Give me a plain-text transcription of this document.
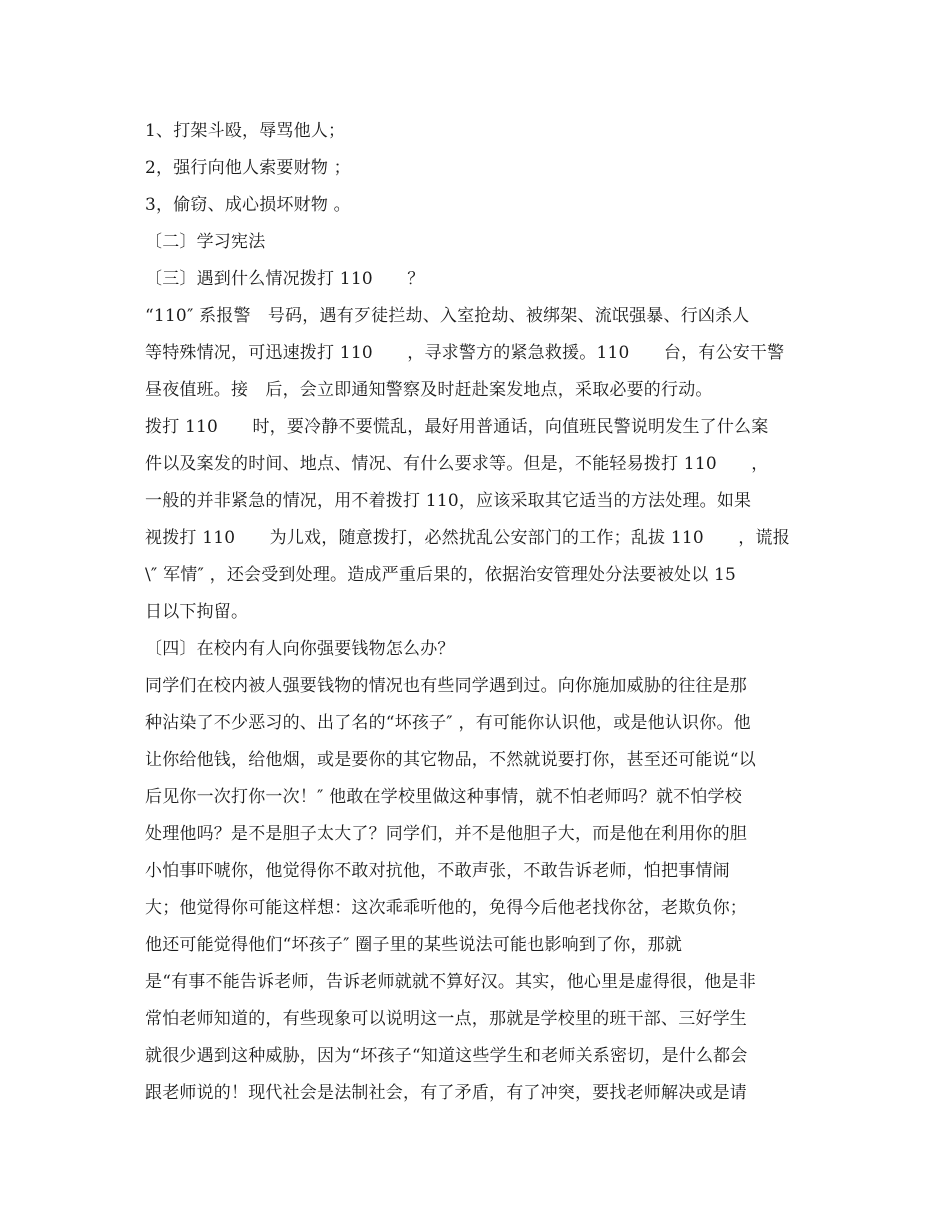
1、打架斗殴，辱骂他人；
2，强行向他人索要财物 ；
3，偷窃、成心损坏财物 。
〔二〕学习宪法
〔三〕遇到什么情况拨打 110　　？
“110″ 系报警　号码，遇有歹徒拦劫、入室抢劫、被绑架、流氓强暴、行凶杀人
等特殊情况，可迅速拨打 110　　，寻求警方的紧急救援。110　　台，有公安干警
昼夜值班。接　后，会立即通知警察及时赶赴案发地点，采取必要的行动。
拨打 110　　时，要冷静不要慌乱，最好用普通话，向值班民警说明发生了什么案
件以及案发的时间、地点、情况、有什么要求等。但是，不能轻易拨打 110　　，
一般的并非紧急的情况，用不着拨打 110，应该采取其它适当的方法处理。如果
视拨打 110　　为儿戏，随意拨打，必然扰乱公安部门的工作；乱拔 110　　，谎报
\″ 军情″ ，还会受到处理。造成严重后果的，依据治安管理处分法要被处以 15
日以下拘留。
〔四〕在校内有人向你强要钱物怎么办？
同学们在校内被人强要钱物的情况也有些同学遇到过。向你施加威胁的往往是那
种沾染了不少恶习的、出了名的“坏孩子″ ，有可能你认识他，或是他认识你。他
让你给他钱，给他烟，或是要你的其它物品，不然就说要打你，甚至还可能说“以
后见你一次打你一次！″ 他敢在学校里做这种事情，就不怕老师吗？就不怕学校
处理他吗？是不是胆子太大了？同学们，并不是他胆子大，而是他在利用你的胆
小怕事吓唬你，他觉得你不敢对抗他，不敢声张，不敢告诉老师，怕把事情闹
大；他觉得你可能这样想：这次乖乖听他的，免得今后他老找你岔，老欺负你；
他还可能觉得他们“坏孩子″ 圈子里的某些说法可能也影响到了你，那就
是“有事不能告诉老师，告诉老师就就不算好汉。其实，他心里是虚得很，他是非
常怕老师知道的，有些现象可以说明这一点，那就是学校里的班干部、三好学生
就很少遇到这种威胁，因为“坏孩子“知道这些学生和老师关系密切，是什么都会
跟老师说的！现代社会是法制社会，有了矛盾，有了冲突，要找老师解决或是请
